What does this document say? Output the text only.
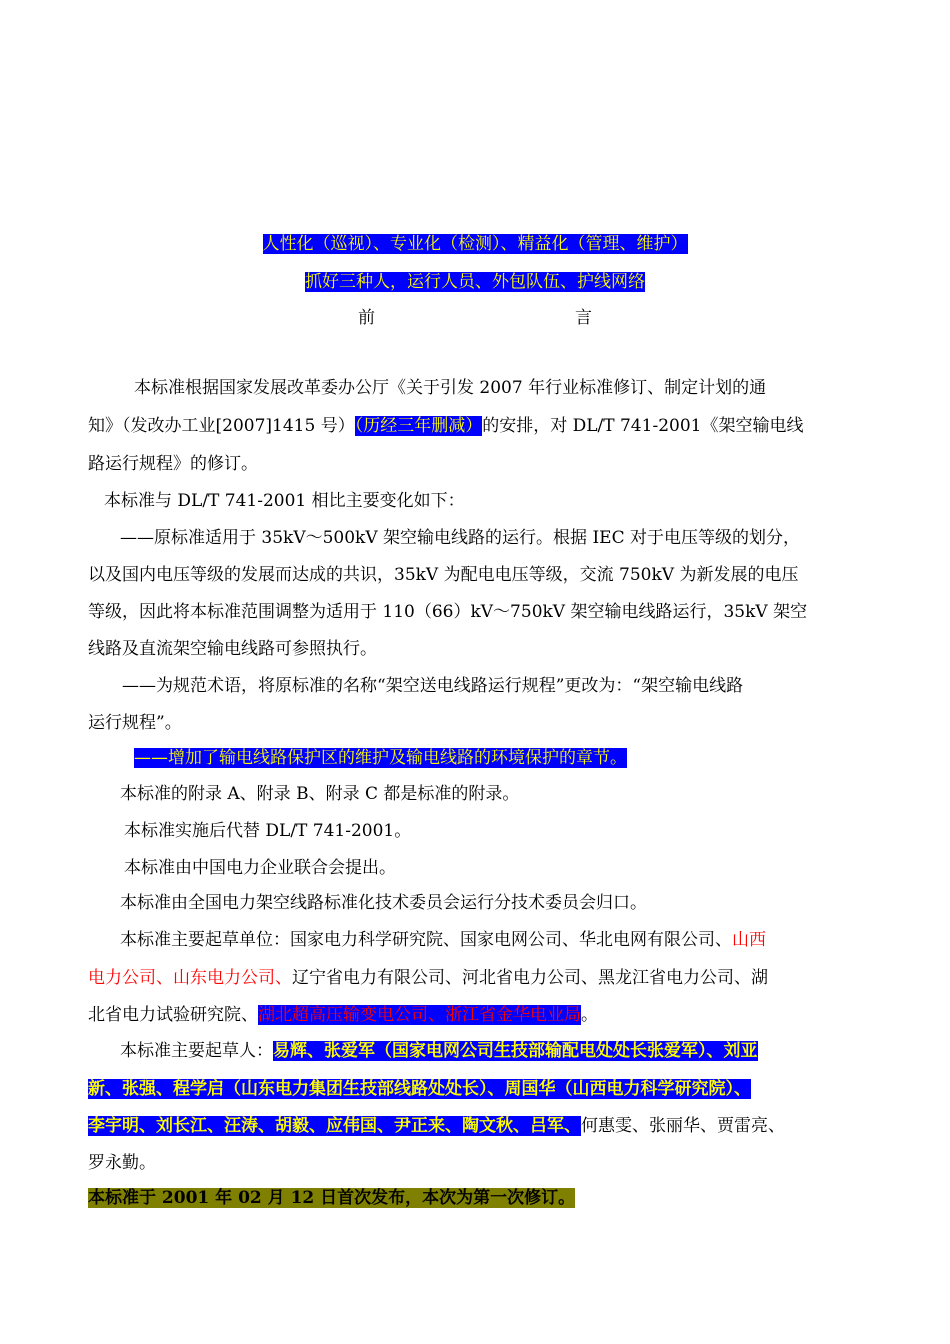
人性化（巡视）、专业化（检测）、精益化（管理、维护）
抓好三种人，运行人员、外包队伍、护线网络
前	言
本标准根据国家发展改革委办公厅《关于引发 2007 年行业标准修订、制定计划的通
知》（发改办工业[2007]1415 号）（历经三年删减）的安排，对 DL/T 741-2001《架空输电线
路运行规程》的修订。
本标准与 DL/T 741-2001 相比主要变化如下：
——原标准适用于 35kV～500kV 架空输电线路的运行。根据 IEC 对于电压等级的划分，
以及国内电压等级的发展而达成的共识，35kV 为配电电压等级，交流 750kV 为新发展的电压
等级，因此将本标准范围调整为适用于 110（66）kV～750kV 架空输电线路运行，35kV 架空
线路及直流架空输电线路可参照执行。
——为规范术语，将原标准的名称“架空送电线路运行规程”更改为：“架空输电线路
运行规程”。
——增加了输电线路保护区的维护及输电线路的环境保护的章节。
本标准的附录 A、附录 B、附录 C 都是标准的附录。
本标准实施后代替 DL/T 741-2001。
本标准由中国电力企业联合会提出。
本标准由全国电力架空线路标准化技术委员会运行分技术委员会归口。
本标准主要起草单位：国家电力科学研究院、国家电网公司、华北电网有限公司、山西
电力公司、山东电力公司、辽宁省电力有限公司、河北省电力公司、黑龙江省电力公司、湖
北省电力试验研究院、湖北超高压输变电公司、浙江省金华电业局。
本标准主要起草人：易辉、张爱军（国家电网公司生技部输配电处处长张爱军）、刘亚
新、张强、程学启（山东电力集团生技部线路处处长）、周国华（山西电力科学研究院）、
李宇明、刘长江、汪涛、胡毅、应伟国、尹正来、陶文秋、吕军、何惠雯、张丽华、贾雷亮、
罗永勤。
本标准于 2001 年 02 月 12 日首次发布，本次为第一次修订。
